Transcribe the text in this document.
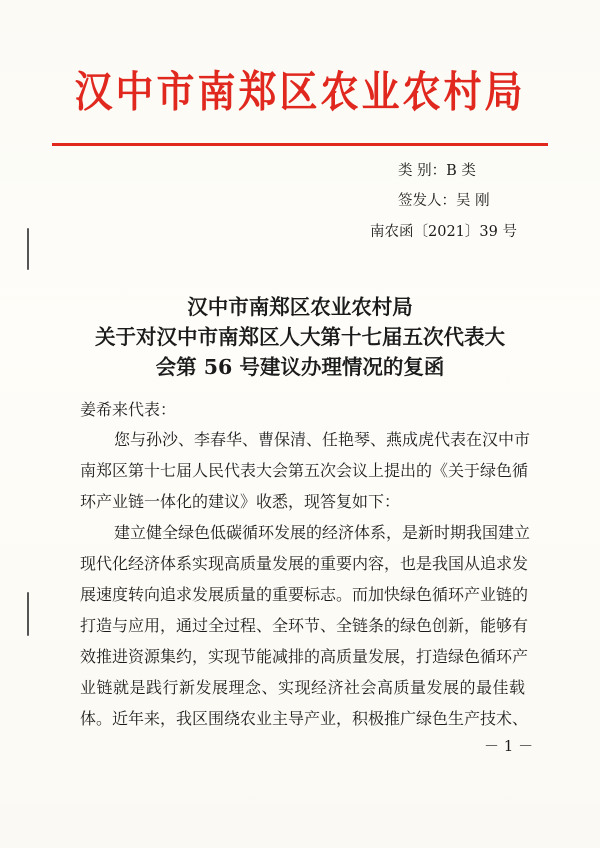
汉中市南郑区农业农村局
类 别：B 类
签发人：吴 刚
南农函〔2021〕39 号
汉中市南郑区农业农村局
关于对汉中市南郑区人大第十七届五次代表大
会第 56 号建议办理情况的复函
姜希来代表：
您与孙沙、李春华、曹保清、任艳琴、燕成虎代表在汉中市
南郑区第十七届人民代表大会第五次会议上提出的《关于绿色循
环产业链一体化的建议》收悉，现答复如下：
建立健全绿色低碳循环发展的经济体系，是新时期我国建立
现代化经济体系实现高质量发展的重要内容，也是我国从追求发
展速度转向追求发展质量的重要标志。而加快绿色循环产业链的
打造与应用，通过全过程、全环节、全链条的绿色创新，能够有
效推进资源集约，实现节能减排的高质量发展，打造绿色循环产
业链就是践行新发展理念、实现经济社会高质量发展的最佳载
体。近年来，我区围绕农业主导产业，积极推广绿色生产技术、
－ 1 －
